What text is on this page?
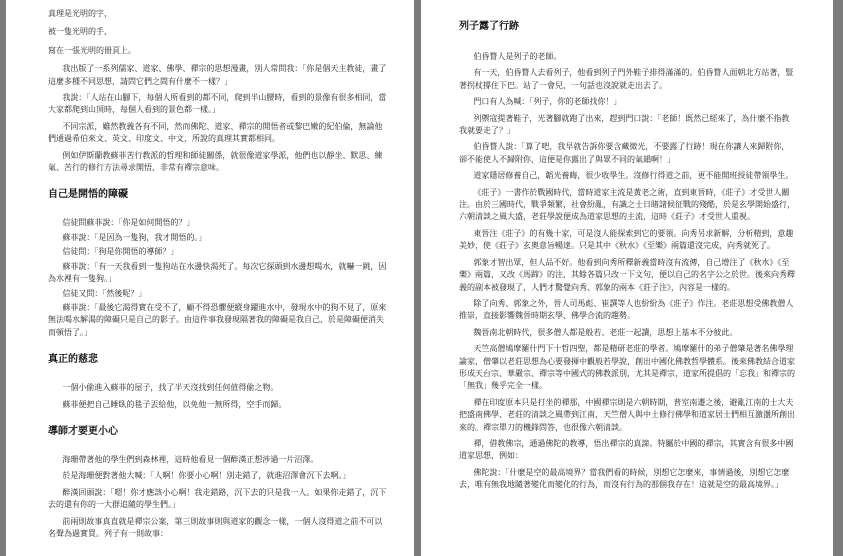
真理是光明的字，

被一隻光明的手，

寫在一張光明的冊頁上。

我出版了一系列儒家、道家、佛學、禪宗的思想漫畫，別人常問我：「你是個天主教徒，畫了這麼多種不同思想，請問它們之間有什麼不一樣？」

我說：「人站在山腳下，每個人所看到的都不同，爬到半山腰時，看到的景像有很多相同，當大家都爬到山頂時，每個人看到的景色都一樣。」

不同宗派，雖然教義各有不同，然而佛陀、道家、禪宗的開悟者或黎巴嫩的紀伯倫，無論他們通過希伯來文、英文、印度文、中文，所說的真理其實都相同。

例如伊斯蘭教蘇菲苦行教派的哲理和師徒關係，就很像道家學派，他們也以靜坐、默思、練氣、苦行的修行方法尋求開悟，非常有禪宗意味。

自己是開悟的障礙

信徒問蘇菲說：「你是如何開悟的？」

蘇菲說：「是因為一隻狗，我才開悟的。」

信徒問：「狗是你開悟的導師？」

蘇菲說：「有一天我看到一隻狗站在水邊快渴死了。每次它探頭到水邊想喝水，就嚇一跳，因為水裡有一隻狗。」

信徒又問：「然後呢？」

蘇菲說：「最後它渴得實在受不了，顧不得恐懼便縱身躍進水中，發現水中的狗不見了，原來無法喝水解渴的障礙只是自己的影子。由這件事我發現隔著我的障礙是我自己，於是障礙便消失而頓悟了。」

真正的慈悲

一個小偷進入蘇菲的屋子，找了半天沒找到任何值得偷之物。

蘇菲便把自己睡臥的毯子丟給他，以免他一無所得，空手而歸。

導師才要更小心

海珊帶著他的學生們到森林裡，這時他看見一個醉漢正想涉過一片沼澤。

於是海珊便對著他大喊：「人啊！你要小心啊！別走錯了，就進沼澤會沉下去啊。」

醉漢回頭說：「嗯！你才應該小心啊！我走錯路，沉下去的只是我一人。如果你走錯了，沉下去的還有你的一大群追隨的學生們。」

前兩則故事真直就是禪宗公案，第三則故事則與道家的觀念一樣，一個人沒得道之前不可以名聲為過實買。列子有一則故事：

列子露了行跡

伯昏瞀人是列子的老師。

有一天，伯昏瞀人去看列子，他看到列子門外鞋子排得滿滿的。伯昏瞀人面朝北方站著，豎著拐杖撐住下巴。站了一會兒，一句話也沒說就走出去了。

門口有人為喊：「列子，你的老師找你！」

列禦寇提著鞋子，光著腳就跑了出來，趕到門口說：「老師！既然已經來了，為什麼不指教我就要走了？」

伯昏瞀人說：「算了吧，我早就告訴你要含藏微光，不要露了行跡！現在你讓人來歸附你，卻不能使人不歸附你，這便是你露出了與眾不同的氣韻啊！」

道家隱居修養自己，韜光養晦，很少收學生。沒修行得道之前，更不能開班授徒帶領學生。

《莊子》一書作於戰國時代，當時道家主流是黃老之術，直到東晉時，《莊子》才受世人關注。由於三國時代，戰爭頻繁，社會紛亂，有識之士日睹諸候征戰的殘酷，於是玄學開始盛行，六朝清談之風大盛，老莊學說便成為道家思想的主流，這時《莊子》才受世人重視。

東晉注《莊子》的有幾十家，可是沒人能探索到它的要領。向秀另求新解，分析精到，意趣美妙，使《莊子》玄奧意旨暢達。只是其中《秋水》《至樂》兩篇還沒完成，向秀就死了。

郭象才智出眾，但人品不好。他看到向秀所釋新義當時沒有流傳，自己增注了《秋水》《至樂》兩篇，又改《馬蹄》的注，其餘各篇只改一下文句，便以自己的名字公之於世。後來向秀釋義的副本被發現了，人們才驚覺向秀、郭象的兩本《莊子注》，內容是一樣的。

除了向秀、郭象之外，晉人司馬彪、崔譔等人也紛紛為《莊子》作注。老莊思想受佛教僧人推崇，直接影響魏晉時期玄學、佛學合流的趨勢。

魏晉南北朝時代，很多僧人都是般若、老莊一起讀，思想上基本不分彼此。

天竺高僧鳩摩羅什門下十哲四聖，都是精研老莊的學者。鳩摩羅什的弟子僧肇是著名佛學理論家，僧肇以老莊思想為心要發揮中觀般若學說，創出中國化佛教哲學體系。後來佛教結合道家形成天台宗、華嚴宗、禪宗等中國式的佛教派別，尤其是禪宗，道家所提倡的「忘我」和禪宗的「無我」幾乎完全一樣。

禪在印度原本只是打坐的禪那，中國禪宗則是六朝時期，普室南遷之後，避亂江南的士大夫把盛南佛學、老莊的清談之風帶到江南，天竺僧人與中土修行佛學和道家居士們相互激盪所創出來的。禪宗單刀的機鋒問答，也很像六朝清談。

禪，借教佛宗，通過佛陀的教導，悟出禪宗的真諦。特屬於中國的禪宗，其實含有很多中國道家思想，例如：

佛陀說：「什麼是空的最高境界？當我們看的時候，別想它怎麼來，事情過後，別想它怎麼去，唯有無我地隨著變化而變化的行為，而沒有行為的那個我存在！這就是空的最高境界。」
